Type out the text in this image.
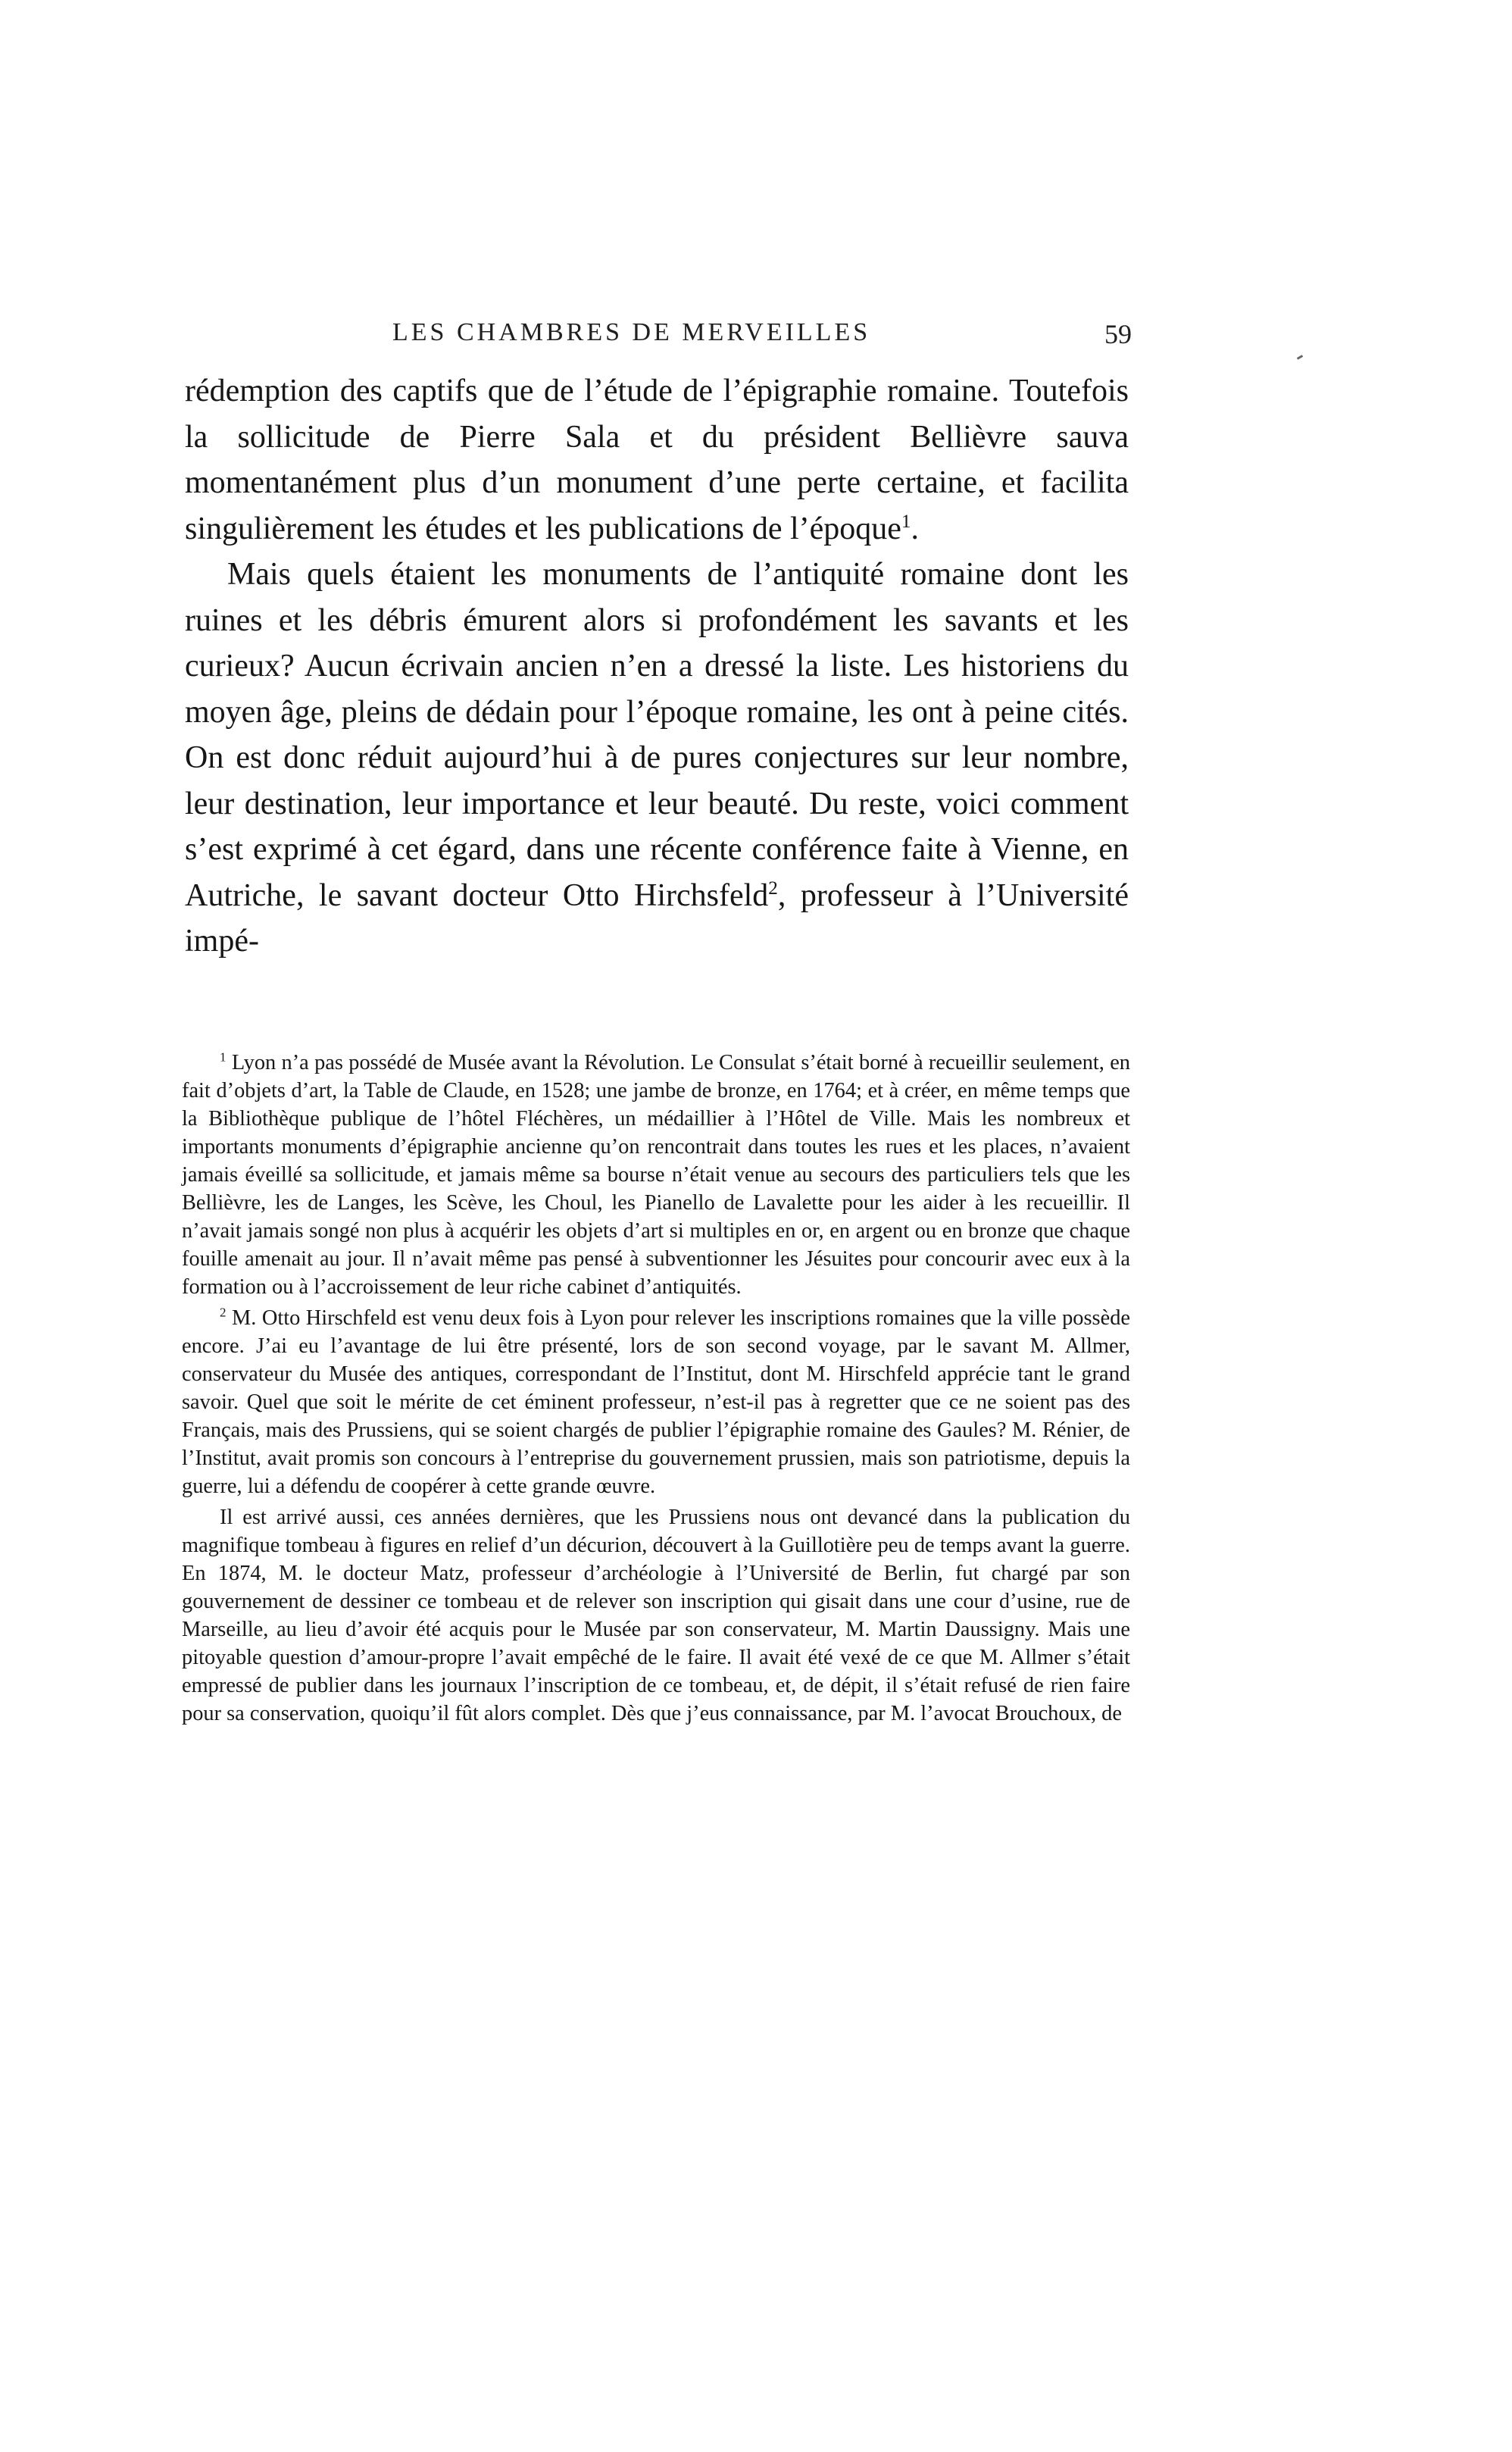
LES CHAMBRES DE MERVEILLES	59

rédemption des captifs que de l’étude de l’épigraphie romaine. Toutefois la sollicitude de Pierre Sala et du président Bellièvre sauva momentanément plus d’un monument d’une perte certaine, et facilita singulièrement les études et les publications de l’époque$^1$.

Mais quels étaient les monuments de l’antiquité romaine dont les ruines et les débris émurent alors si profondément les savants et les curieux? Aucun écrivain ancien n’en a dressé la liste. Les historiens du moyen âge, pleins de dédain pour l’époque romaine, les ont à peine cités. On est donc réduit aujourd’hui à de pures conjectures sur leur nombre, leur destination, leur importance et leur beauté. Du reste, voici comment s’est exprimé à cet égard, dans une récente conférence faite à Vienne, en Autriche, le savant docteur Otto Hirchsfeld$^2$, professeur à l’Université impé-

$^1$ Lyon n’a pas possédé de Musée avant la Révolution. Le Consulat s’était borné à recueillir seulement, en fait d’objets d’art, la Table de Claude, en 1528; une jambe de bronze, en 1764; et à créer, en même temps que la Bibliothèque publique de l’hôtel Fléchères, un médaillier à l’Hôtel de Ville. Mais les nombreux et importants monuments d’épigraphie ancienne qu’on rencontrait dans toutes les rues et les places, n’avaient jamais éveillé sa sollicitude, et jamais même sa bourse n’était venue au secours des particuliers tels que les Bellièvre, les de Langes, les Scève, les Choul, les Pianello de Lavalette pour les aider à les recueillir. Il n’avait jamais songé non plus à acquérir les objets d’art si multiples en or, en argent ou en bronze que chaque fouille amenait au jour. Il n’avait même pas pensé à subventionner les Jésuites pour concourir avec eux à la formation ou à l’accroissement de leur riche cabinet d’antiquités.

$^2$ M. Otto Hirschfeld est venu deux fois à Lyon pour relever les inscriptions romaines que la ville possède encore. J’ai eu l’avantage de lui être présenté, lors de son second voyage, par le savant M. Allmer, conservateur du Musée des antiques, correspondant de l’Institut, dont M. Hirschfeld apprécie tant le grand savoir. Quel que soit le mérite de cet éminent professeur, n’est-il pas à regretter que ce ne soient pas des Français, mais des Prussiens, qui se soient chargés de publier l’épigraphie romaine des Gaules? M. Rénier, de l’Institut, avait promis son concours à l’entreprise du gouvernement prussien, mais son patriotisme, depuis la guerre, lui a défendu de coopérer à cette grande œuvre.

Il est arrivé aussi, ces années dernières, que les Prussiens nous ont devancé dans la publication du magnifique tombeau à figures en relief d’un décurion, découvert à la Guillotière peu de temps avant la guerre. En 1874, M. le docteur Matz, professeur d’archéologie à l’Université de Berlin, fut chargé par son gouvernement de dessiner ce tombeau et de relever son inscription qui gisait dans une cour d’usine, rue de Marseille, au lieu d’avoir été acquis pour le Musée par son conservateur, M. Martin Daussigny. Mais une pitoyable question d’amour-propre l’avait empêché de le faire. Il avait été vexé de ce que M. Allmer s’était empressé de publier dans les journaux l’inscription de ce tombeau, et, de dépit, il s’était refusé de rien faire pour sa conservation, quoiqu’il fût alors complet. Dès que j’eus connaissance, par M. l’avocat Brouchoux, de
